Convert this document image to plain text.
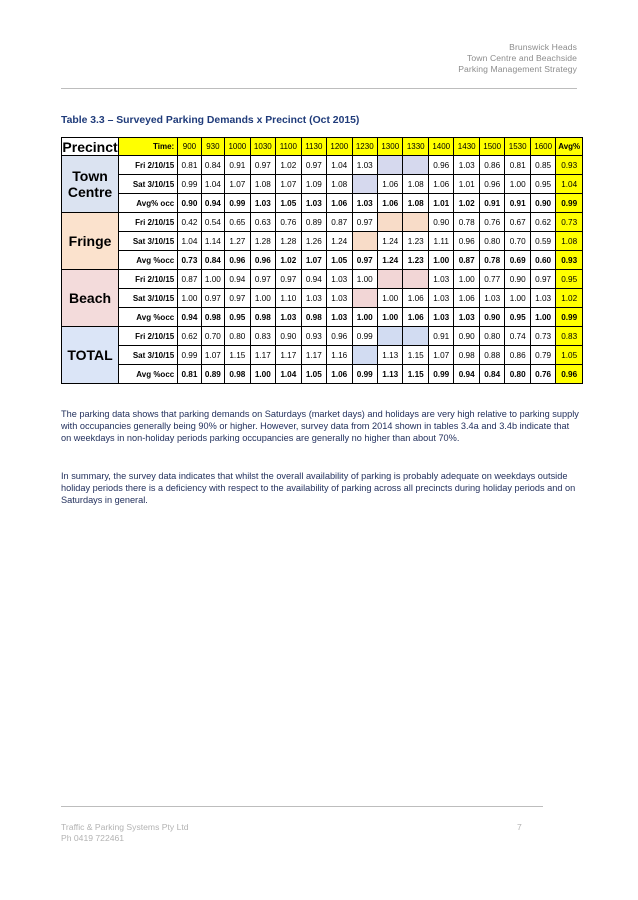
Brunswick Heads
Town Centre and Beachside
Parking Management Strategy
Table 3.3 – Surveyed Parking Demands x Precinct (Oct 2015)
Precinct	Time:	900	930	1000	1030	1100	1130	1200	1230	1300	1330	1400	1430	1500	1530	1600	Avg%
Town Centre	Fri 2/10/15	0.81	0.84	0.91	0.97	1.02	0.97	1.04	1.03			0.96	1.03	0.86	0.81	0.85	0.93
	Sat 3/10/15	0.99	1.04	1.07	1.08	1.07	1.09	1.08		1.06	1.08	1.06	1.01	0.96	1.00	0.95	1.04
	Avg% occ	0.90	0.94	0.99	1.03	1.05	1.03	1.06	1.03	1.06	1.08	1.01	1.02	0.91	0.91	0.90	0.99
Fringe	Fri 2/10/15	0.42	0.54	0.65	0.63	0.76	0.89	0.87	0.97			0.90	0.78	0.76	0.67	0.62	0.73
	Sat 3/10/15	1.04	1.14	1.27	1.28	1.28	1.26	1.24		1.24	1.23	1.11	0.96	0.80	0.70	0.59	1.08
	Avg %occ	0.73	0.84	0.96	0.96	1.02	1.07	1.05	0.97	1.24	1.23	1.00	0.87	0.78	0.69	0.60	0.93
Beach	Fri 2/10/15	0.87	1.00	0.94	0.97	0.97	0.94	1.03	1.00			1.03	1.00	0.77	0.90	0.97	0.95
	Sat 3/10/15	1.00	0.97	0.97	1.00	1.10	1.03	1.03		1.00	1.06	1.03	1.06	1.03	1.00	1.03	1.02
	Avg %occ	0.94	0.98	0.95	0.98	1.03	0.98	1.03	1.00	1.00	1.06	1.03	1.03	0.90	0.95	1.00	0.99
TOTAL	Fri 2/10/15	0.62	0.70	0.80	0.83	0.90	0.93	0.96	0.99			0.91	0.90	0.80	0.74	0.73	0.83
	Sat 3/10/15	0.99	1.07	1.15	1.17	1.17	1.17	1.16		1.13	1.15	1.07	0.98	0.88	0.86	0.79	1.05
	Avg %occ	0.81	0.89	0.98	1.00	1.04	1.05	1.06	0.99	1.13	1.15	0.99	0.94	0.84	0.80	0.76	0.96
The parking data shows that parking demands on Saturdays (market days) and holidays are very high relative to parking supply with occupancies generally being 90% or higher. However, survey data from 2014 shown in tables 3.4a and 3.4b indicate that on weekdays in non-holiday periods parking occupancies are generally no higher than about 70%.
In summary, the survey data indicates that whilst the overall availability of parking is probably adequate on weekdays outside holiday periods there is a deficiency with respect to the availability of parking across all precincts during holiday periods and on Saturdays in general.
Traffic & Parking Systems Pty Ltd
Ph 0419 722461
7
